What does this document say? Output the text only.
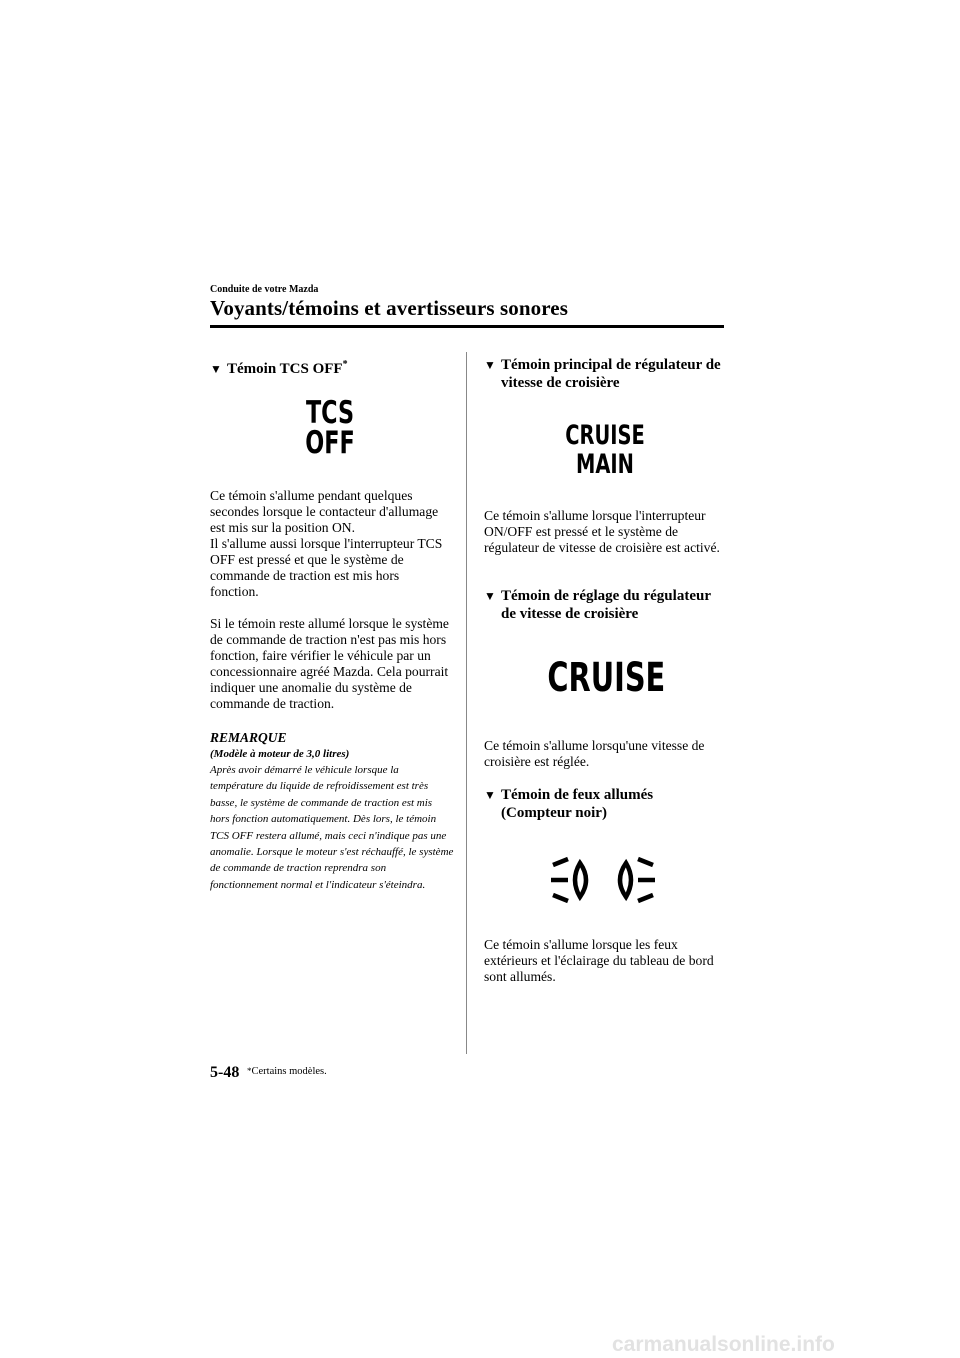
Conduite de votre Mazda
Voyants/témoins et avertisseurs sonores
▼ Témoin TCS OFF*
TCS
OFF

Ce témoin s'allume pendant quelques secondes lorsque le contacteur d'allumage est mis sur la position ON.

Il s'allume aussi lorsque l'interrupteur TCS OFF est pressé et que le système de commande de traction est mis hors fonction.

Si le témoin reste allumé lorsque le système de commande de traction n'est pas mis hors fonction, faire vérifier le véhicule par un concessionnaire agréé Mazda. Cela pourrait indiquer une anomalie du système de commande de traction.

REMARQUE
(Modèle à moteur de 3,0 litres)
Après avoir démarré le véhicule lorsque la température du liquide de refroidissement est très basse, le système de commande de traction est mis hors fonction automatiquement. Dès lors, le témoin TCS OFF restera allumé, mais ceci n'indique pas une anomalie. Lorsque le moteur s'est réchauffé, le système de commande de traction reprendra son fonctionnement normal et l'indicateur s'éteindra.
▼ Témoin principal de régulateur de vitesse de croisière
CRUISE
MAIN

Ce témoin s'allume lorsque l'interrupteur ON/OFF est pressé et le système de régulateur de vitesse de croisière est activé.

▼ Témoin de réglage du régulateur de vitesse de croisière
CRUISE

Ce témoin s'allume lorsqu'une vitesse de croisière est réglée.

▼ Témoin de feux allumés (Compteur noir)

Ce témoin s'allume lorsque les feux extérieurs et l'éclairage du tableau de bord sont allumés.

5-48 *Certains modèles.
carmanualsonline.info
